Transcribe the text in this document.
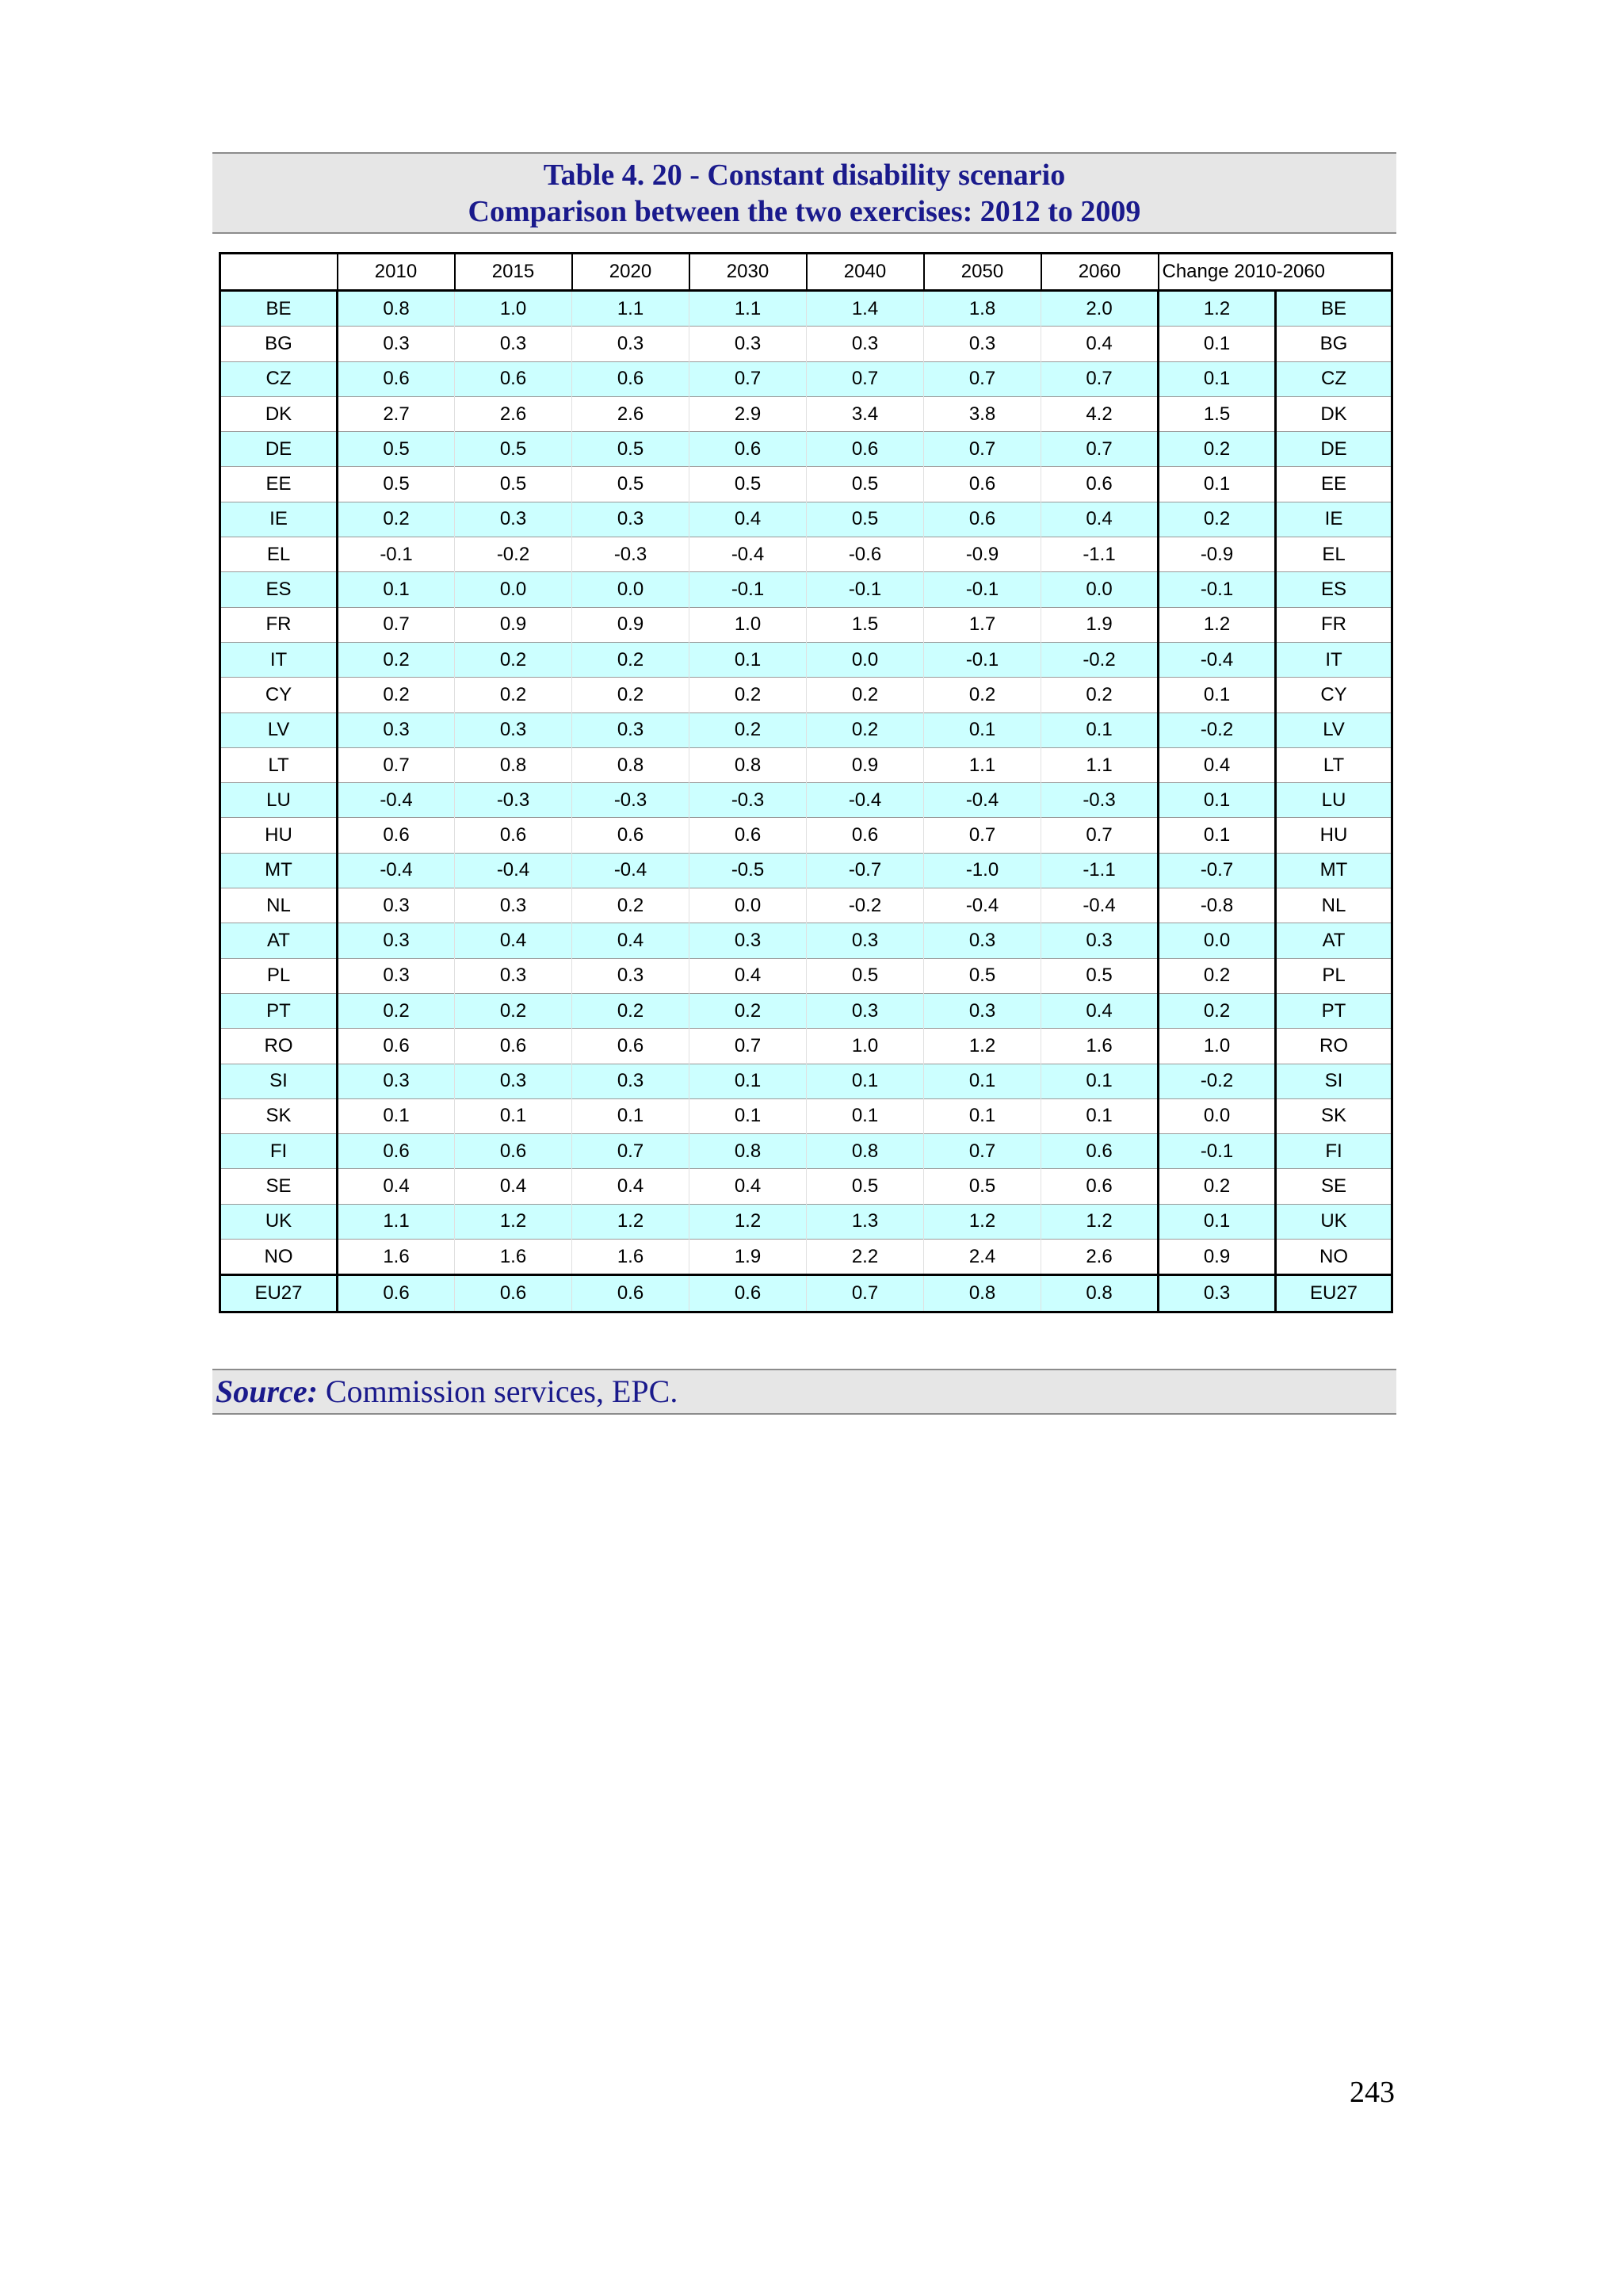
Table 4. 20 - Constant disability scenario
Comparison between the two exercises: 2012 to 2009
	2010	2015	2020	2030	2040	2050	2060	Change 2010-2060	
BE	0.8	1.0	1.1	1.1	1.4	1.8	2.0	1.2	BE
BG	0.3	0.3	0.3	0.3	0.3	0.3	0.4	0.1	BG
CZ	0.6	0.6	0.6	0.7	0.7	0.7	0.7	0.1	CZ
DK	2.7	2.6	2.6	2.9	3.4	3.8	4.2	1.5	DK
DE	0.5	0.5	0.5	0.6	0.6	0.7	0.7	0.2	DE
EE	0.5	0.5	0.5	0.5	0.5	0.6	0.6	0.1	EE
IE	0.2	0.3	0.3	0.4	0.5	0.6	0.4	0.2	IE
EL	-0.1	-0.2	-0.3	-0.4	-0.6	-0.9	-1.1	-0.9	EL
ES	0.1	0.0	0.0	-0.1	-0.1	-0.1	0.0	-0.1	ES
FR	0.7	0.9	0.9	1.0	1.5	1.7	1.9	1.2	FR
IT	0.2	0.2	0.2	0.1	0.0	-0.1	-0.2	-0.4	IT
CY	0.2	0.2	0.2	0.2	0.2	0.2	0.2	0.1	CY
LV	0.3	0.3	0.3	0.2	0.2	0.1	0.1	-0.2	LV
LT	0.7	0.8	0.8	0.8	0.9	1.1	1.1	0.4	LT
LU	-0.4	-0.3	-0.3	-0.3	-0.4	-0.4	-0.3	0.1	LU
HU	0.6	0.6	0.6	0.6	0.6	0.7	0.7	0.1	HU
MT	-0.4	-0.4	-0.4	-0.5	-0.7	-1.0	-1.1	-0.7	MT
NL	0.3	0.3	0.2	0.0	-0.2	-0.4	-0.4	-0.8	NL
AT	0.3	0.4	0.4	0.3	0.3	0.3	0.3	0.0	AT
PL	0.3	0.3	0.3	0.4	0.5	0.5	0.5	0.2	PL
PT	0.2	0.2	0.2	0.2	0.3	0.3	0.4	0.2	PT
RO	0.6	0.6	0.6	0.7	1.0	1.2	1.6	1.0	RO
SI	0.3	0.3	0.3	0.1	0.1	0.1	0.1	-0.2	SI
SK	0.1	0.1	0.1	0.1	0.1	0.1	0.1	0.0	SK
FI	0.6	0.6	0.7	0.8	0.8	0.7	0.6	-0.1	FI
SE	0.4	0.4	0.4	0.4	0.5	0.5	0.6	0.2	SE
UK	1.1	1.2	1.2	1.2	1.3	1.2	1.2	0.1	UK
NO	1.6	1.6	1.6	1.9	2.2	2.4	2.6	0.9	NO
EU27	0.6	0.6	0.6	0.6	0.7	0.8	0.8	0.3	EU27
Source: Commission services, EPC.
243
